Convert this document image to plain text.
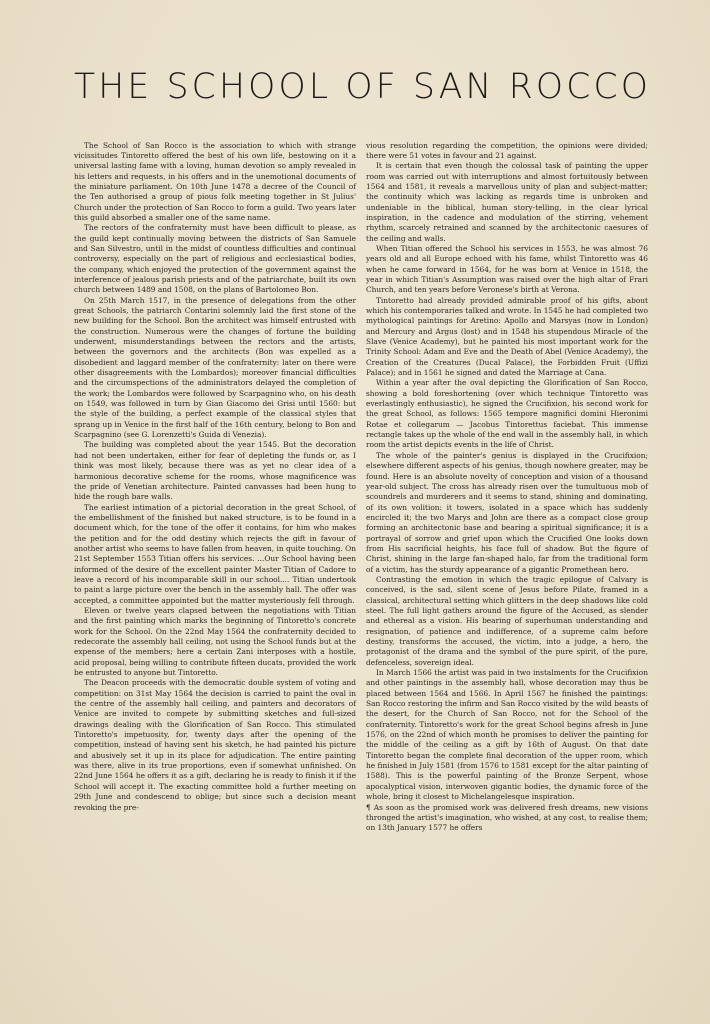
THE SCHOOL OF SAN ROCCO

The School of San Rocco is the association to which with strange vicissitudes Tintoretto offered the best of his own life, bestowing on it a universal lasting fame with a loving, human devotion so amply revealed in his letters and requests, in his offers and in the unemotional documents of the miniature parliament. On 10th June 1478 a decree of the Council of the Ten authorised a group of pious folk meeting together in St Julius' Church under the protection of San Rocco to form a guild. Two years later this guild absorbed a smaller one of the same name.

The rectors of the confraternity must have been difficult to please, as the guild kept continually moving between the districts of San Samuele and San Silvestro, until in the midst of countless difficulties and continual controversy, especially on the part of religious and ecclesiastical bodies, the company, which enjoyed the protection of the government against the interference of jealous parish priests and of the patriarchate, built its own church between 1489 and 1508, on the plans of Bartolomeo Bon.

On 25th March 1517, in the presence of delegations from the other great Schools, the patriarch Contarini solemnly laid the first stone of the new building for the School. Bon the architect was himself entrusted with the construction. Numerous were the changes of fortune the building underwent, misunderstandings between the rectors and the artists, between the governors and the architects (Bon was expelled as a disobedient and laggard member of the confraternity: later on there were other disagreements with the Lombardos); moreover financial difficulties and the circumspections of the administrators delayed the completion of the work; the Lombardos were followed by Scarpagnino who, on his death on 1549, was followed in turn by Gian Giacomo dei Grisi until 1560: but the style of the building, a perfect example of the classical styles that sprang up in Venice in the first half of the 16th century, belong to Bon and Scarpagnino (see G. Lorenzetti's Guida di Venezia).

The building was completed about the year 1545. But the decoration had not been undertaken, either for fear of depleting the funds or, as I think was most likely, because there was as yet no clear idea of a harmonious decorative scheme for the rooms, whose magnificence was the pride of Venetian architecture. Painted canvasses had been hung to hide the rough bare walls.

The earliest intimation of a pictorial decoration in the great School, of the embellishment of the finished but naked structure, is to be found in a document which, for the tone of the offer it contains, for him who makes the petition and for the odd destiny which rejects the gift in favour of another artist who seems to have fallen from heaven, in quite touching. On 21st September 1553 Titian offers his services. ...Our School having been informed of the desire of the excellent painter Master Titian of Cadore to leave a record of his incomparable skill in our school.... Titian undertook to paint a large picture over the bench in the assembly hall. The offer was accepted, a committee appointed but the matter mysteriously fell through.

Eleven or twelve years clapsed between the negotiations with Titian and the first painting which marks the beginning of Tintoretto's concrete work for the School. On the 22nd May 1564 the confraternity decided to redecorate the assembly hall ceiling, not using the School funds but at the expense of the members; here a certain Zani interposes with a hostile, acid proposal, being willing to contribute fifteen ducats, provided the work be entrusted to anyone but Tintoretto.

The Deacon proceeds with the democratic double system of voting and competition: on 31st May 1564 the decision is carried to paint the oval in the centre of the assembly hall ceiling, and painters and decorators of Venice are invited to compete by submitting sketches and full-sized drawings dealing with the Glorification of San Rocco. This stimulated Tintoretto's impetuosity, for, twenty days after the opening of the competition, instead of having sent his sketch, he had painted his picture and abusively set it up in its place for adjudication. The entire painting was there, alive in its true proportions, even if somewhat unfinished. On 22nd June 1564 he offers it as a gift, declaring he is ready to finish it if the School will accept it. The exacting committee hold a further meeting on 29th June and condescend to oblige; but since such a decision meant revoking the pre-

vious resolution regarding the competition, the opinions were divided; there were 51 votes in favour and 21 against.

It is certain that even though the colossal task of painting the upper room was carried out with interruptions and almost fortuitously between 1564 and 1581, it reveals a marvellous unity of plan and subject-matter; the continuity which was lacking as regards time is unbroken and undeniable in the biblical, human story-telling, in the clear lyrical inspiration, in the cadence and modulation of the stirring, vehement rhythm, scarcely retrained and scanned by the architectonic caesures of the ceiling and walls.

When Titian offered the School his services in 1553, he was almost 76 years old and all Europe echoed with his fame, whilst Tintoretto was 46 when he came forward in 1564, for he was born at Venice in 1518, the year in which Titian's Assumption was raised over the high altar of Frari Church, and ten years before Veronese's birth at Verona.

Tintoretto had already provided admirable proof of his gifts, about which his contemporaries talked and wrote. In 1545 he had completed two mythological paintings for Aretino: Apollo and Marsyas (now in London) and Mercury and Argus (lost) and in 1548 his stupendous Miracle of the Slave (Venice Academy), but he painted his most important work for the Trinity School: Adam and Eve and the Death of Abel (Venice Academy), the Creation of the Creatures (Ducal Palace), the Forbidden Fruit (Uffizi Palace); and in 1561 he signed and dated the Marriage at Cana.

Within a year after the oval depicting the Glorification of San Rocco, showing a bold foreshortening (over which technique Tintoretto was everlastingly enthusiastic), he signed the Crucifixion, his second work for the great School, as follows: 1565 tempore magnifici domini Hieronimi Rotae et collegarum — Jacobus Tintorettus faciebat. This immense rectangle takes up the whole of the end wall in the assembly hall, in which room the artist depicts events in the life of Christ.

The whole of the painter's genius is displayed in the Crucifixion; elsewhere different aspects of his genius, though nowhere greater, may be found. Here is an absolute novelty of conception and vision of a thousand year-old subject. The cross has already risen over the tumultuous mob of scoundrels and murderers and it seems to stand, shining and dominating, of its own volition: it towers, isolated in a space which has suddenly encircled it; the two Marys and John are there as a compact close group forming an architectonic base and bearing a spiritual significance; it is a portrayal of sorrow and grief upon which the Crucified One looks down from His sacrificial heights, his face full of shadow. But the figure of Christ, shining in the large fan-shaped halo, far from the traditional form of a victim, has the sturdy appearance of a gigantic Promethean hero.

Contrasting the emotion in which the tragic epilogue of Calvary is conceived, is the sad, silent scene of Jesus before Pilate, framed in a classical, architectural setting which glitters in the deep shadows like cold steel. The full light gathers around the figure of the Accused, as slender and ethereal as a vision. His bearing of superhuman understanding and resignation, of patience and indifference, of a supreme calm before destiny, transforms the accused, the victim, into a judge, a hero, the protagonist of the drama and the symbol of the pure spirit, of the pure, defenceless, sovereign ideal.

In March 1566 the artist was paid in two instalments for the Crucifixion and other paintings in the assembly hall, whose decoration may thus be placed between 1564 and 1566. In April 1567 he finished the paintings: San Rocco restoring the infirm and San Rocco visited by the wild beasts of the desert, for the Church of San Rocco, not for the School of the confraternity. Tintoretto's work for the great School begins afresh in June 1576, on the 22nd of which month he promises to deliver the painting for the middle of the ceiling as a gift by 16th of August. On that date Tintoretto began the complete final decoration of the upper room, which he finished in July 1581 (from 1576 to 1581 except for the altar painting of 1588). This is the powerful painting of the Bronze Serpent, whose apocalyptical vision, interwoven gigantic bodies, the dynamic force of the whole, bring it closest to Michelangelesque inspiration.

¶ As soon as the promised work was delivered fresh dreams, new visions thronged the artist's imagination, who wished, at any cost, to realise them; on 13th January 1577 he offers
